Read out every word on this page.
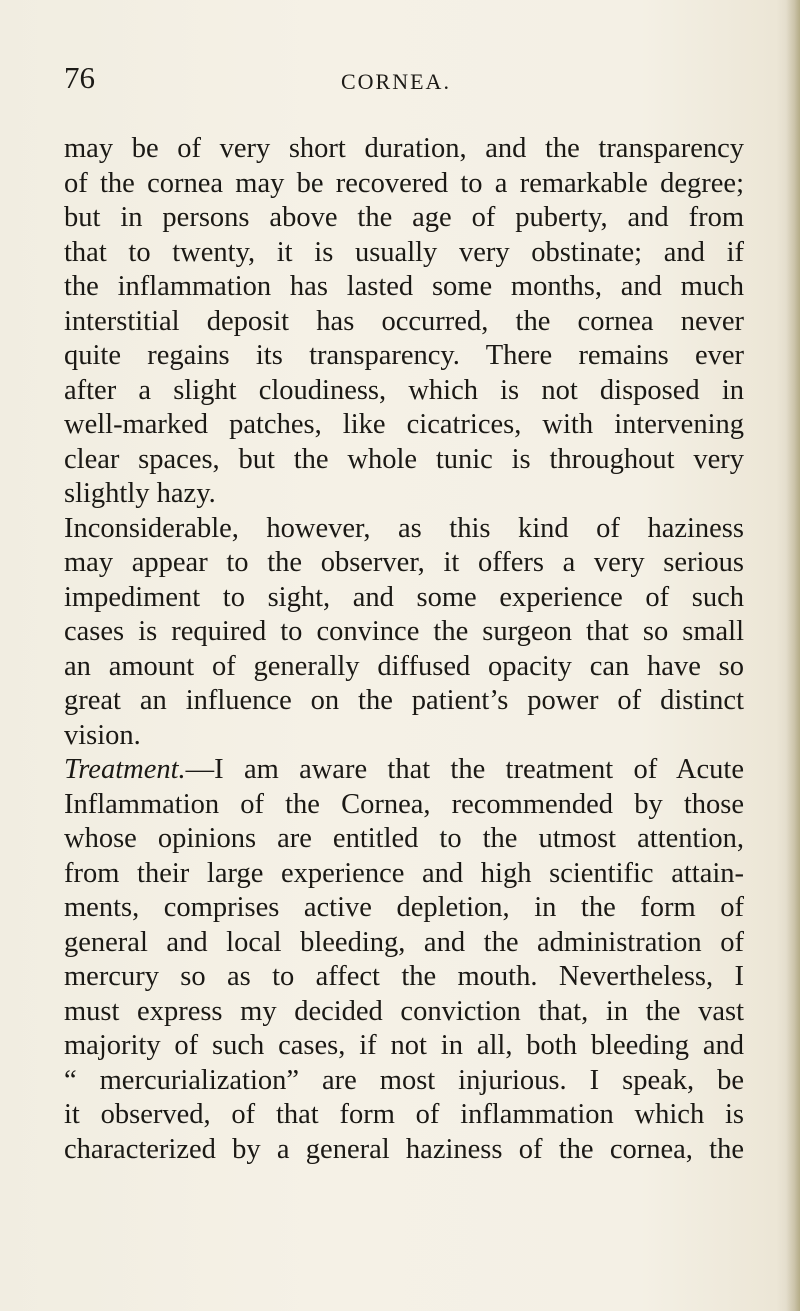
76	CORNEA.
may be of very short duration, and the transparency
of the cornea may be recovered to a remarkable degree;
but in persons above the age of puberty, and from
that to twenty, it is usually very obstinate; and if
the inflammation has lasted some months, and much
interstitial deposit has occurred, the cornea never
quite regains its transparency. There remains ever
after a slight cloudiness, which is not disposed in
well-marked patches, like cicatrices, with intervening
clear spaces, but the whole tunic is throughout very
slightly hazy.
Inconsiderable, however, as this kind of haziness
may appear to the observer, it offers a very serious
impediment to sight, and some experience of such
cases is required to convince the surgeon that so small
an amount of generally diffused opacity can have so
great an influence on the patient’s power of distinct
vision.
Treatment.—I am aware that the treatment of Acute
Inflammation of the Cornea, recommended by those
whose opinions are entitled to the utmost attention,
from their large experience and high scientific attain-
ments, comprises active depletion, in the form of
general and local bleeding, and the administration of
mercury so as to affect the mouth. Nevertheless, I
must express my decided conviction that, in the vast
majority of such cases, if not in all, both bleeding and
“ mercurialization” are most injurious. I speak, be
it observed, of that form of inflammation which is
characterized by a general haziness of the cornea, the
